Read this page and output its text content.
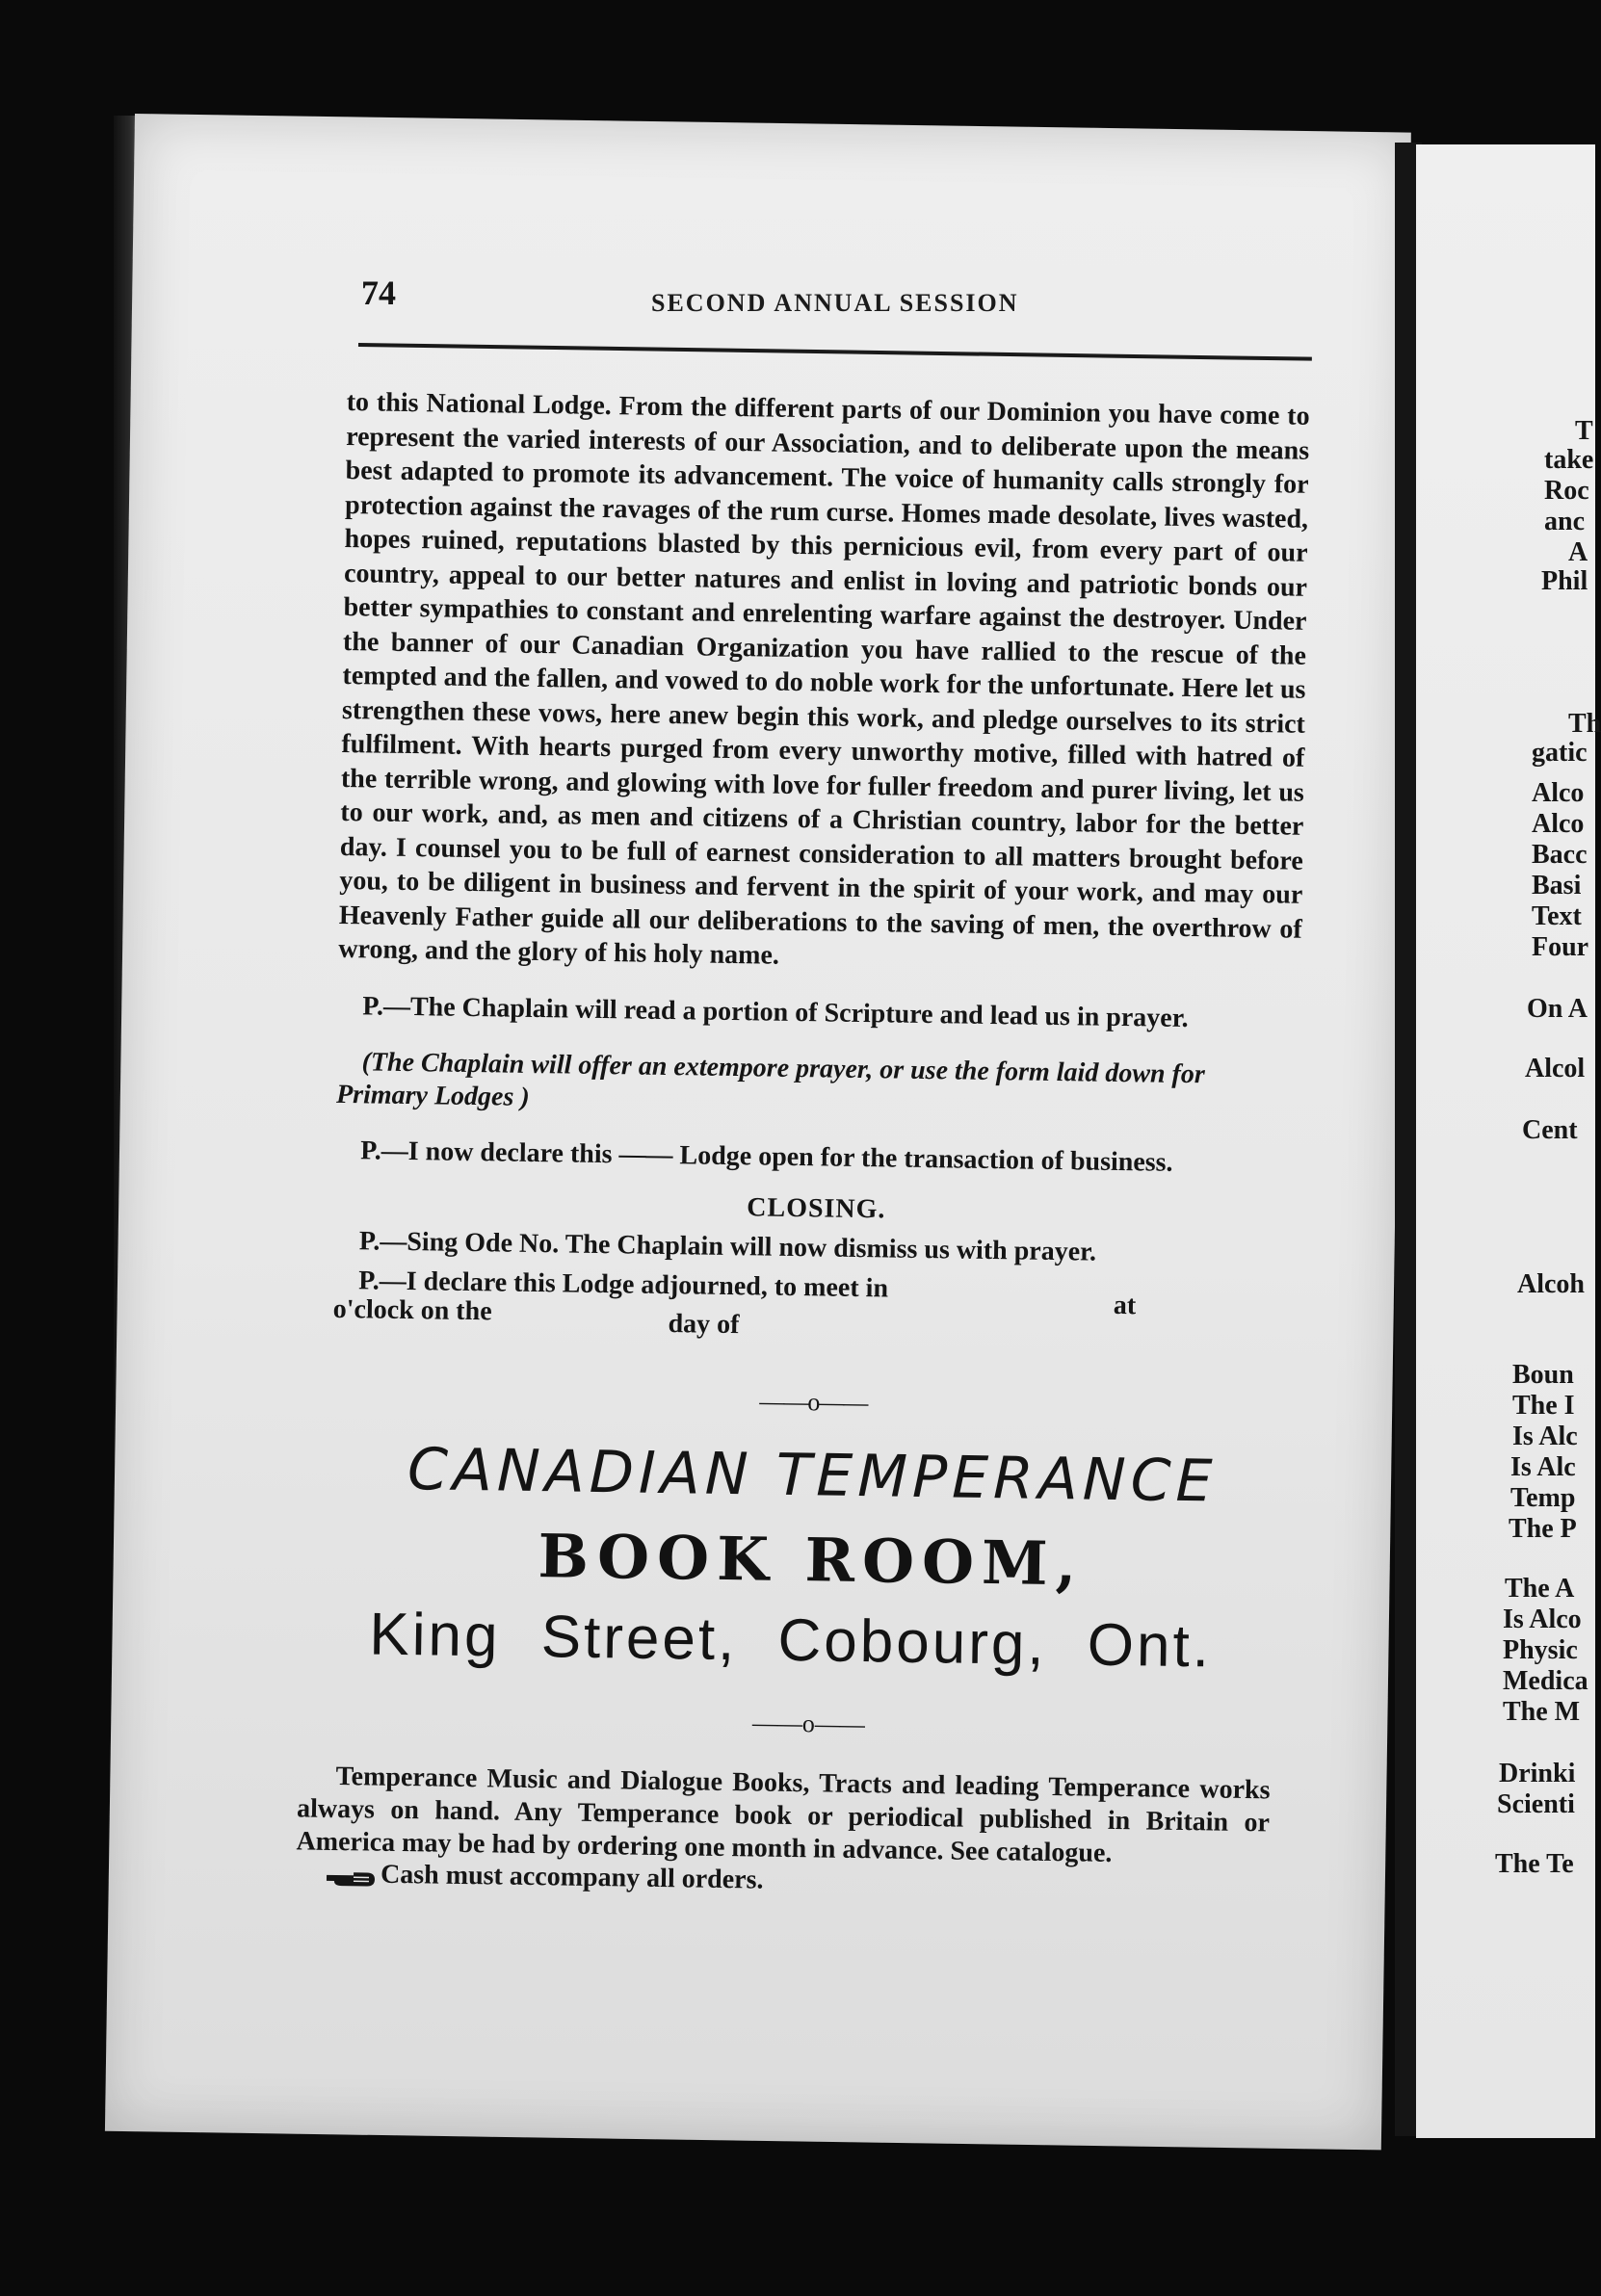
74	SECOND ANNUAL SESSION

to this National Lodge. From the different parts of our Dominion you have come to represent the varied interests of our Association, and to deliberate upon the means best adapted to promote its advancement. The voice of humanity calls strongly for protection against the ravages of the rum curse. Homes made desolate, lives wasted, hopes ruined, reputations blasted by this pernicious evil, from every part of our country, appeal to our better natures and enlist in loving and patriotic bonds our better sympathies to constant and enrelenting warfare against the destroyer. Under the banner of our Canadian Organization you have rallied to the rescue of the tempted and the fallen, and vowed to do noble work for the unfortunate. Here let us strengthen these vows, here anew begin this work, and pledge ourselves to its strict fulfilment. With hearts purged from every unworthy motive, filled with hatred of the terrible wrong, and glowing with love for fuller freedom and purer living, let us to our work, and, as men and citizens of a Christian country, labor for the better day. I counsel you to be full of earnest consideration to all matters brought before you, to be diligent in business and fervent in the spirit of your work, and may our Heavenly Father guide all our deliberations to the saving of men, the overthrow of wrong, and the glory of his holy name.

P.—The Chaplain will read a portion of Scripture and lead us in prayer.

(The Chaplain will offer an extempore prayer, or use the form laid down for Primary Lodges )

P.—I now declare this —— Lodge open for the transaction of business.

CLOSING.

P.—Sing Ode No. The Chaplain will now dismiss us with prayer.

P.—I declare this Lodge adjourned, to meet in
at
o'clock on the	day of
——o——
CANADIAN TEMPERANCE
BOOK ROOM,
King Street, Cobourg, Ont.
——o——

Temperance Music and Dialogue Books, Tracts and leading Temperance works always on hand. Any Temperance book or periodical published in Britain or America may be had by ordering one month in advance. See catalogue.

Cash must accompany all orders.

T
take
Roc
anc
A
Phil
Th
gatic
Alco
Alco
Bacc
Basi
Text
Four
On A
Alcol
Cent
Alcoh
Boun
The I
Is Alc
Is Alc
Temp
The P
The A
Is Alco
Physic
Medica
The M
Drinki
Scienti
The Te
